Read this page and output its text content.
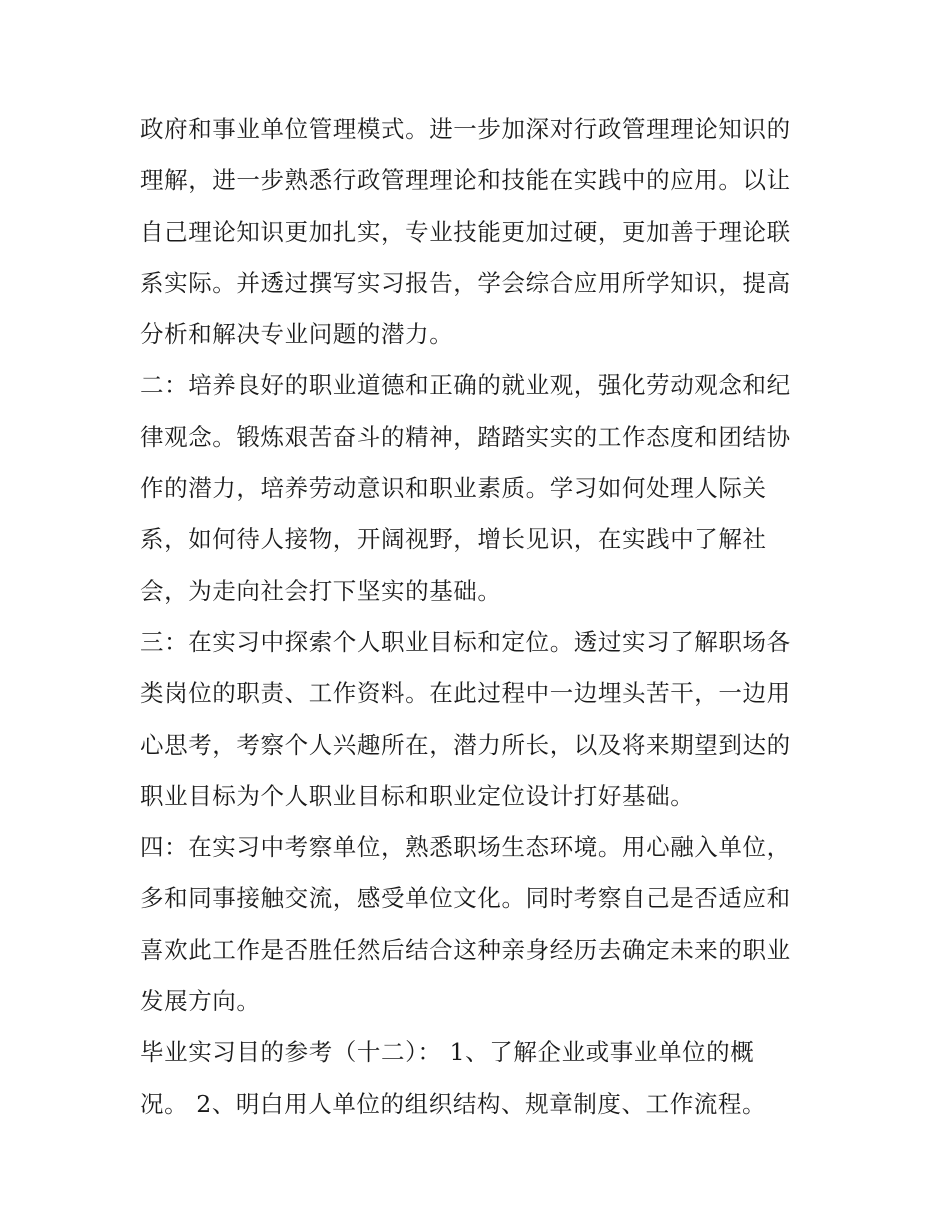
政府和事业单位管理模式。进一步加深对行政管理理论知识的
理解，进一步熟悉行政管理理论和技能在实践中的应用。以让
自己理论知识更加扎实，专业技能更加过硬，更加善于理论联
系实际。并透过撰写实习报告，学会综合应用所学知识，提高
分析和解决专业问题的潜力。
二：培养良好的职业道德和正确的就业观，强化劳动观念和纪
律观念。锻炼艰苦奋斗的精神，踏踏实实的工作态度和团结协
作的潜力，培养劳动意识和职业素质。学习如何处理人际关
系，如何待人接物，开阔视野，增长见识，在实践中了解社
会，为走向社会打下坚实的基础。
三：在实习中探索个人职业目标和定位。透过实习了解职场各
类岗位的职责、工作资料。在此过程中一边埋头苦干，一边用
心思考，考察个人兴趣所在，潜力所长，以及将来期望到达的
职业目标为个人职业目标和职业定位设计打好基础。
四：在实习中考察单位，熟悉职场生态环境。用心融入单位，
多和同事接触交流，感受单位文化。同时考察自己是否适应和
喜欢此工作是否胜任然后结合这种亲身经历去确定未来的职业
发展方向。
毕业实习目的参考（十二）： 1、了解企业或事业单位的概
况。 2、明白用人单位的组织结构、规章制度、工作流程。
